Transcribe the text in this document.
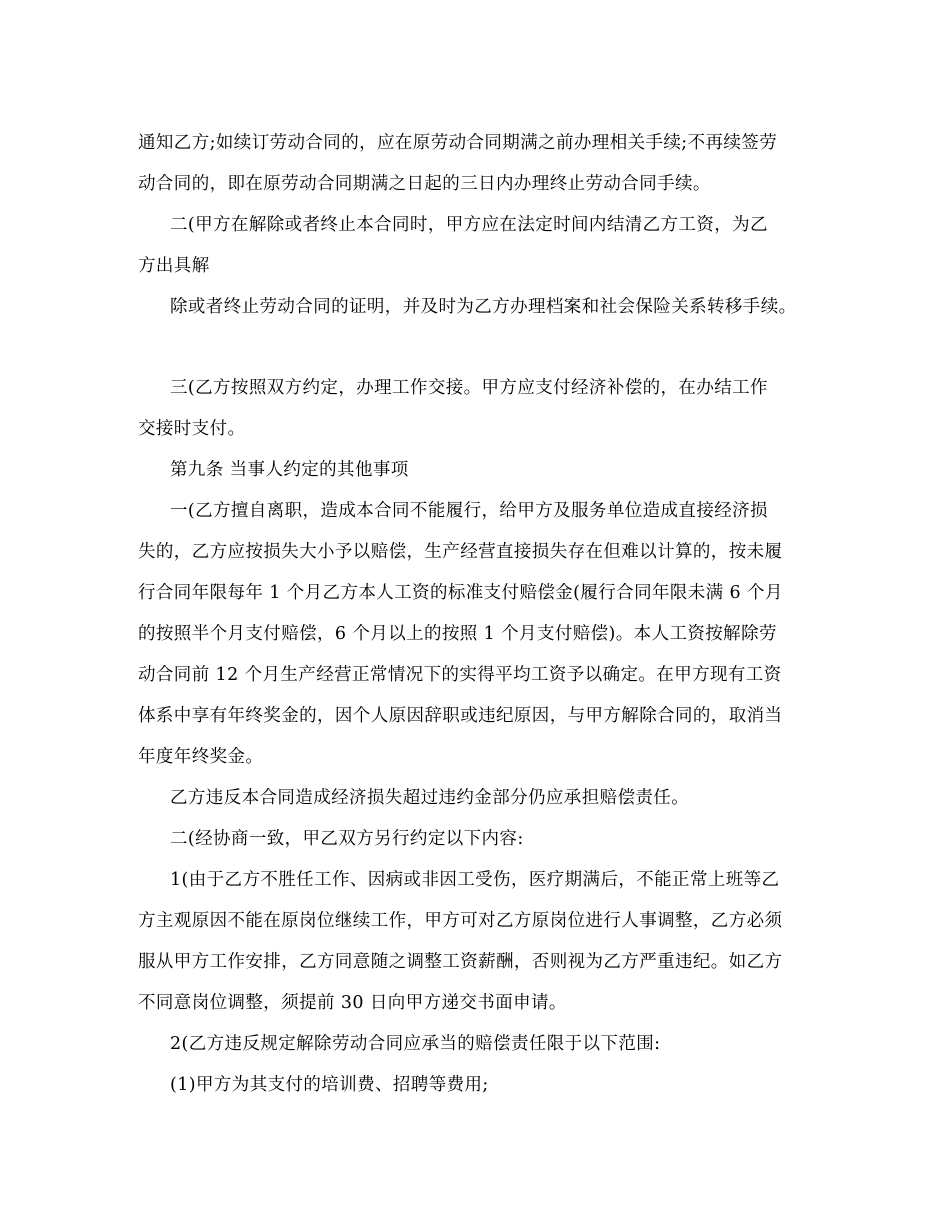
通知乙方;如续订劳动合同的，应在原劳动合同期满之前办理相关手续;不再续签劳
动合同的，即在原劳动合同期满之日起的三日内办理终止劳动合同手续。
二(甲方在解除或者终止本合同时，甲方应在法定时间内结清乙方工资，为乙
方出具解
除或者终止劳动合同的证明，并及时为乙方办理档案和社会保险关系转移手续。
三(乙方按照双方约定，办理工作交接。甲方应支付经济补偿的，在办结工作
交接时支付。
第九条 当事人约定的其他事项
一(乙方擅自离职，造成本合同不能履行，给甲方及服务单位造成直接经济损
失的，乙方应按损失大小予以赔偿，生产经营直接损失存在但难以计算的，按未履
行合同年限每年 1 个月乙方本人工资的标准支付赔偿金(履行合同年限未满 6 个月
的按照半个月支付赔偿，6 个月以上的按照 1 个月支付赔偿)。本人工资按解除劳
动合同前 12 个月生产经营正常情况下的实得平均工资予以确定。在甲方现有工资
体系中享有年终奖金的，因个人原因辞职或违纪原因，与甲方解除合同的，取消当
年度年终奖金。
乙方违反本合同造成经济损失超过违约金部分仍应承担赔偿责任。
二(经协商一致，甲乙双方另行约定以下内容:
1(由于乙方不胜任工作、因病或非因工受伤，医疗期满后，不能正常上班等乙
方主观原因不能在原岗位继续工作，甲方可对乙方原岗位进行人事调整，乙方必须
服从甲方工作安排，乙方同意随之调整工资薪酬，否则视为乙方严重违纪。如乙方
不同意岗位调整，须提前 30 日向甲方递交书面申请。
2(乙方违反规定解除劳动合同应承当的赔偿责任限于以下范围:
(1)甲方为其支付的培训费、招聘等费用;
